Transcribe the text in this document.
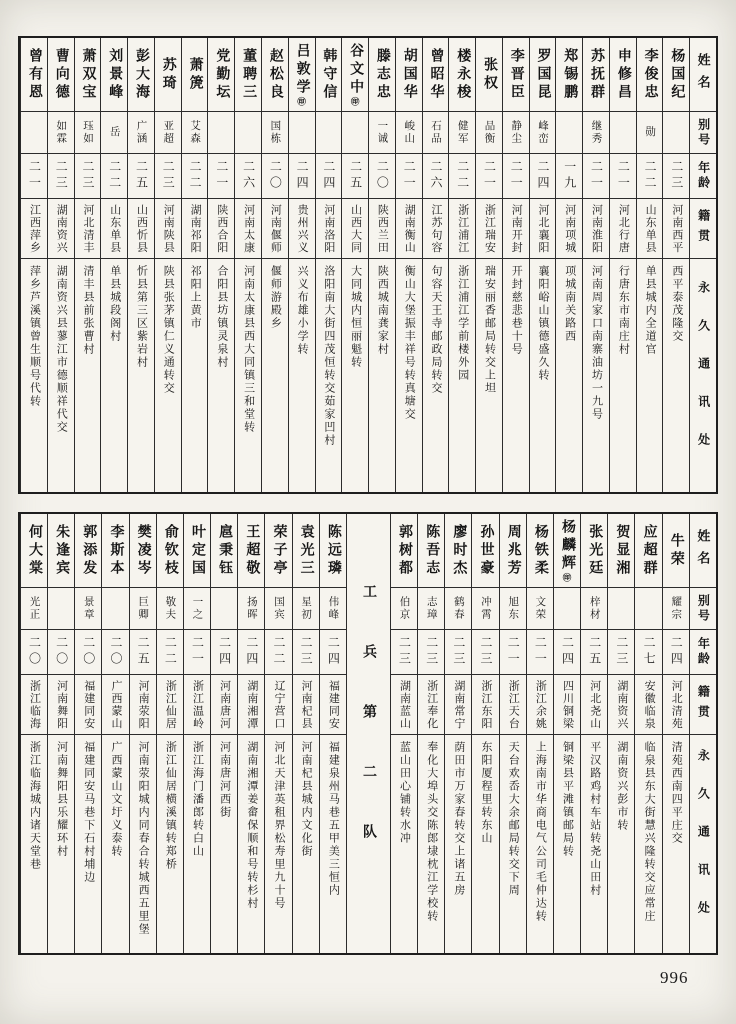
姓名
别号
年龄
籍贯
永久通讯处
杨国纪
二三
河南西平
西平泰茂隆交
李俊忠
勋
二二
山东单县
单县城内全道官
申修昌
二一
河北行唐
行唐东市南庄村
苏抚群
继秀
二一
河南淮阳
河南周家口南寨油坊一九号
郑锡鹏
一九
河南项城
项城南关路西
罗国昆
峰峦
二四
河北襄阳
襄阳峪山镇德盛久转
李晋臣
静尘
二一
河南开封
开封慈悲巷十号
张权
品衡
二一
浙江瑞安
瑞安丽香邮局转交上坦
楼永梭
健军
二二
浙江浦江
浙江浦江学前楼外园
曾昭华
石品
二六
江苏句容
句容天王寺邮政局转交
胡国华
峻山
二一
湖南衡山
衡山大堡振丰祥号转真塘交
滕志忠
一诚
二〇
陕西兰田
陕西城南龚家村
谷文中㊞
二五
山西大同
大同城内恒丽魁转
韩守信
二四
河南洛阳
洛阳南大街四茂恒转交茹家凹村
吕敦学㊞
二四
贵州兴义
兴义布雄小学转
赵松良
国栋
二〇
河南偃师
偃师游殿乡
董聘三
二六
河南太康
河南太康县西大同镇三和堂转
党勤坛
二一
陕西合阳
合阳县坊镇灵泉村
萧箎
艾森
二二
湖南祁阳
祁阳上黄市
苏琦
亚超
二三
河南陕县
陕县张茅镇仁义通转交
彭大海
广涵
二五
山西忻县
忻县第三区紫岩村
刘景峰
岳
二二
山东单县
单县城段阁村
萧双宝
珏如
二三
河北清丰
清丰县前张曹村
曹向德
如霖
二三
湖南资兴
湖南资兴县蓼江市德顺祥代交
曾有恩
二一
江西萍乡
萍乡芦溪镇曾生顺号代转
姓名
别号
年龄
籍贯
永久通讯处
牛荣
耀宗
二四
河北清苑
清苑西南四平庄交
应超群
二七
安徽临泉
临泉县东大街慧兴隆转交应常庄
贺显湘
二三
湖南资兴
湖南资兴彭市转
张光廷
梓材
二五
河北尧山
平汉路鸡村车站转尧山田村
杨麟辉㊞
二四
四川铜梁
铜梁县平滩镇邮局转
杨铁柔
文荣
二一
浙江余姚
上海南市华商电气公司毛仲达转
周兆芳
旭东
二一
浙江天台
天台欢岙大余邮局转交下周
孙世豪
冲霄
二三
浙江东阳
东阳厦程里转东山
廖时杰
鹤春
二三
湖南常宁
荫田市万家春转交上诸五房
陈吾志
志璋
二三
浙江奉化
奉化大埠头交陈郎埭枕江学校转
郭树都
伯京
二三
湖南蓝山
蓝山田心铺转水冲
工兵第二队
陈远璘
伟峰
二四
福建同安
福建泉州马巷五甲美三恒内
袁光三
星初
二三
河南杞县
河南杞县城内文化街
荣子亭
国宾
二二
辽宁营口
河北天津英租界松寿里九十号
王超敬
扬晖
二四
湖南湘潭
湖南湘潭姜畲保顺和号转杉村
扈秉钰
二四
河南唐河
河南唐河西街
叶定国
一之
二一
浙江温岭
浙江海门潘郎转白山
俞钦枝
敬夫
二二
浙江仙居
浙江仙居横溪镇转郑桥
樊凌岑
巨卿
二五
河南荥阳
河南荥阳城内同春合转城西五里堡
李斯本
二〇
广西蒙山
广西蒙山文圩义泰转
郭添发
景章
二〇
福建同安
福建同安马巷下石村埔边
朱逢宾
二〇
河南舞阳
河南舞阳县乐耀环村
何大棠
光正
二〇
浙江临海
浙江临海城内诸天堂巷
996
